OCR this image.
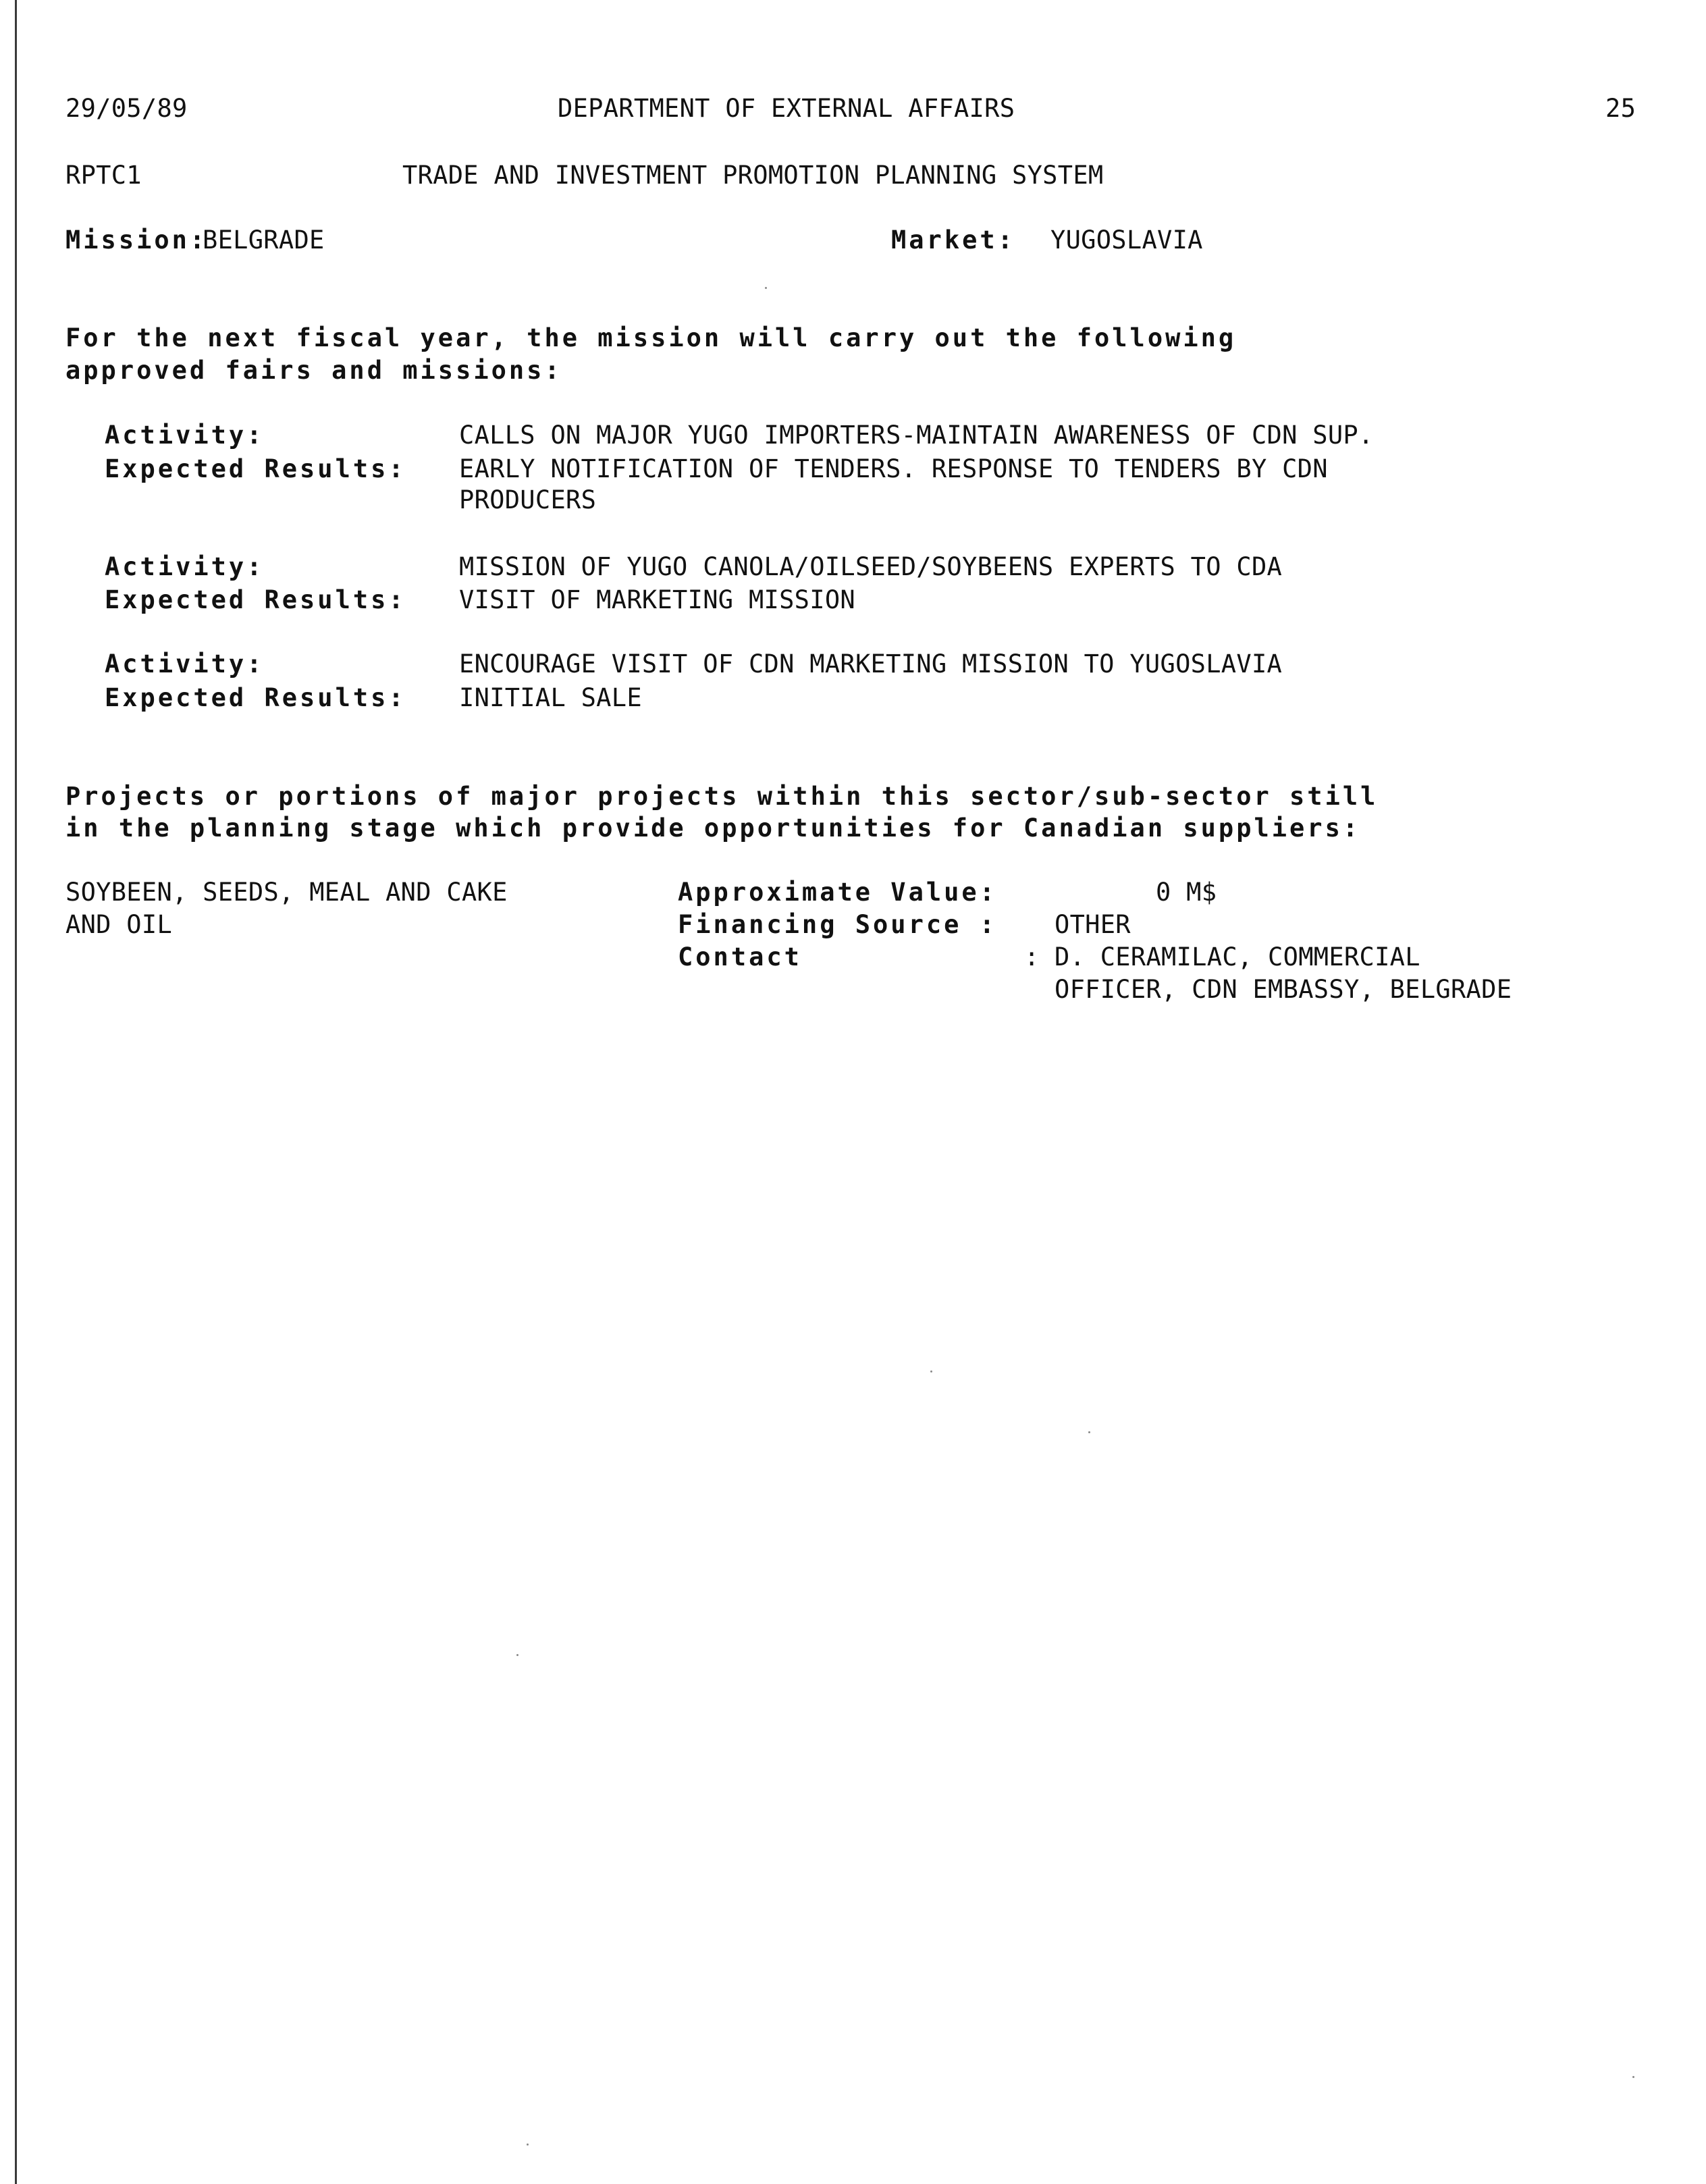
29/05/89	DEPARTMENT OF EXTERNAL AFFAIRS	25
RPTC1	TRADE AND INVESTMENT PROMOTION PLANNING SYSTEM
Mission:
BELGRADE	Market: YUGOSLAVIA
For the next fiscal year, the mission will carry out the following
approved fairs and missions:
Activity:	CALLS ON MAJOR YUGO IMPORTERS-MAINTAIN AWARENESS OF CDN SUP.
Expected Results: EARLY NOTIFICATION OF TENDERS. RESPONSE TO TENDERS BY CDN
PRODUCERS
Activity:	MISSION OF YUGO CANOLA/OILSEED/SOYBEENS EXPERTS TO CDA
Expected Results: VISIT OF MARKETING MISSION
Activity:	ENCOURAGE VISIT OF CDN MARKETING MISSION TO YUGOSLAVIA
Expected Results: INITIAL SALE
Projects or portions of major projects within this sector/sub-sector still
in the planning stage which provide opportunities for Canadian suppliers:
SOYBEEN, SEEDS, MEAL AND CAKE
AND OIL
Approximate Value:	0 M$
Financing Source : OTHER
Contact	: D. CERAMILAC, COMMERCIAL
OFFICER, CDN EMBASSY, BELGRADE
